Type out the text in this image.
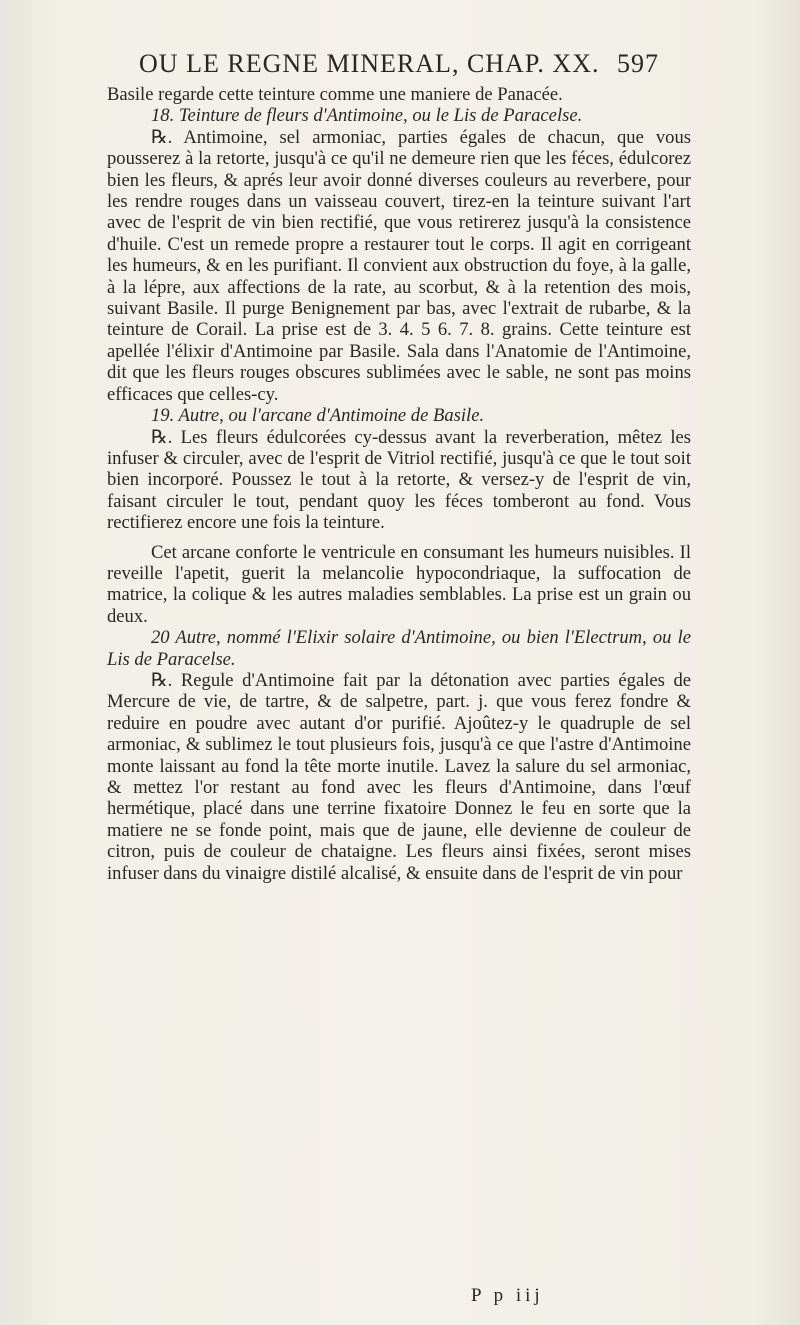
OU LE REGNE MINERAL, CHAP. XX. 597

Basile regarde cette teinture comme une maniere de Panacée.

18. Teinture de fleurs d'Antimoine, ou le Lis de Paracelse.

℞. Antimoine, sel armoniac, parties égales de chacun, que vous pousserez à la retorte, jusqu'à ce qu'il ne demeure rien que les féces, édulcorez bien les fleurs, & aprés leur avoir donné diverses couleurs au reverbere, pour les rendre rouges dans un vaisseau couvert, tirez-en la teinture suivant l'art avec de l'esprit de vin bien rectifié, que vous retirerez jusqu'à la consistence d'huile. C'est un remede propre a restaurer tout le corps. Il agit en corrigeant les humeurs, & en les purifiant. Il convient aux obstruction du foye, à la galle, à la lépre, aux affections de la rate, au scorbut, & à la retention des mois, suivant Basile. Il purge Benignement par bas, avec l'extrait de rubarbe, & la teinture de Corail. La prise est de 3. 4. 5 6. 7. 8. grains. Cette teinture est apellée l'élixir d'Antimoine par Basile. Sala dans l'Anatomie de l'Antimoine, dit que les fleurs rouges obscures sublimées avec le sable, ne sont pas moins efficaces que celles-cy.

19. Autre, ou l'arcane d'Antimoine de Basile.

℞. Les fleurs édulcorées cy-dessus avant la reverberation, mêtez les infuser & circuler, avec de l'esprit de Vitriol rectifié, jusqu'à ce que le tout soit bien incorporé. Poussez le tout à la retorte, & versez-y de l'esprit de vin, faisant circuler le tout, pendant quoy les féces tomberont au fond. Vous rectifierez encore une fois la teinture.

Cet arcane conforte le ventricule en consumant les humeurs nuisibles. Il reveille l'apetit, guerit la melancolie hypocondriaque, la suffocation de matrice, la colique & les autres maladies semblables. La prise est un grain ou deux.

20 Autre, nommé l'Elixir solaire d'Antimoine, ou bien l'Electrum, ou le Lis de Paracelse.

℞. Regule d'Antimoine fait par la détonation avec parties égales de Mercure de vie, de tartre, & de salpetre, part. j. que vous ferez fondre & reduire en poudre avec autant d'or purifié. Ajoûtez-y le quadruple de sel armoniac, & sublimez le tout plusieurs fois, jusqu'à ce que l'astre d'Antimoine monte laissant au fond la tête morte inutile. Lavez la salure du sel armoniac, & mettez l'or restant au fond avec les fleurs d'Antimoine, dans l'œuf hermétique, placé dans une terrine fixatoire Donnez le feu en sorte que la matiere ne se fonde point, mais que de jaune, elle devienne de couleur de citron, puis de couleur de chataigne. Les fleurs ainsi fixées, seront mises infuser dans du vinaigre distilé alcalisé, & ensuite dans de l'esprit de vin pour

P p iij
